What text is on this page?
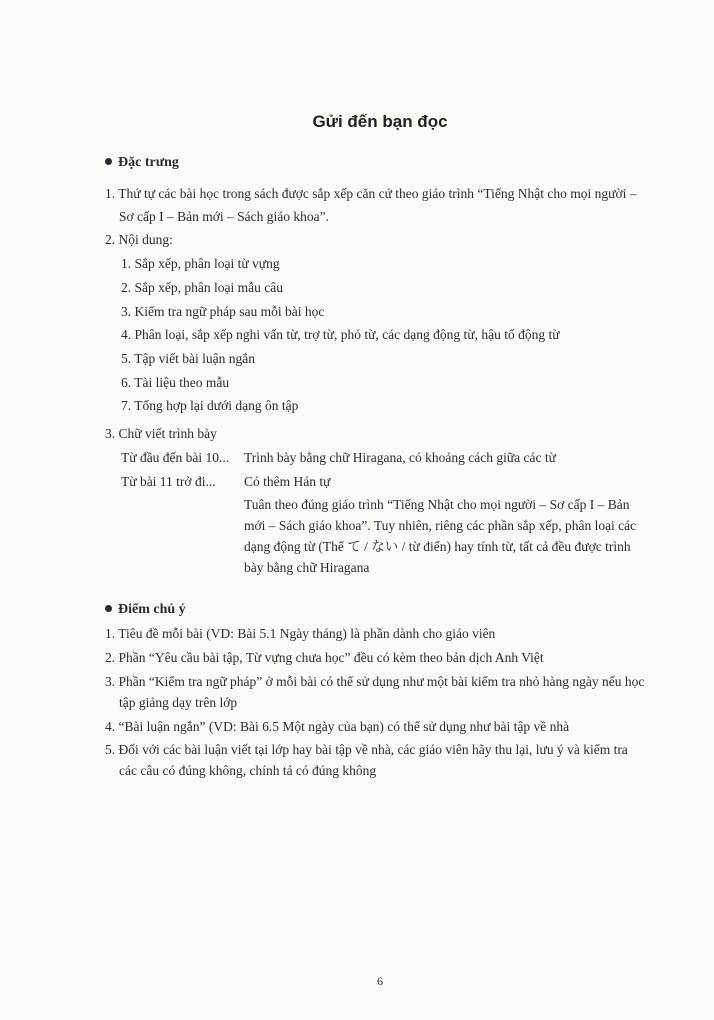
Gửi đến bạn đọc
Đặc trưng
1. Thứ tự các bài học trong sách được sắp xếp căn cứ theo giáo trình “Tiếng Nhật cho mọi người –
Sơ cấp I – Bản mới – Sách giáo khoa”.
2. Nội dung:
1. Sắp xếp, phân loại từ vựng
2. Sắp xếp, phân loại mẫu câu
3. Kiểm tra ngữ pháp sau mỗi bài học
4. Phân loại, sắp xếp nghi vấn từ, trợ từ, phó từ, các dạng động từ, hậu tố động từ
5. Tập viết bài luận ngắn
6. Tài liệu theo mẫu
7. Tổng hợp lại dưới dạng ôn tập
3. Chữ viết trình bày
Từ đầu đến bài 10... Trình bày bằng chữ Hiragana, có khoảng cách giữa các từ
Từ bài 11 trở đi... Có thêm Hán tự
Tuân theo đúng giáo trình “Tiếng Nhật cho mọi người – Sơ cấp I – Bản
mới – Sách giáo khoa”. Tuy nhiên, riêng các phần sắp xếp, phân loại các
dạng động từ (Thể て / ない / từ điển) hay tính từ, tất cả đều được trình
bày bằng chữ Hiragana
Điểm chú ý
1. Tiêu đề mỗi bài (VD: Bài 5.1 Ngày tháng) là phần dành cho giáo viên
2. Phần “Yêu cầu bài tập, Từ vựng chưa học” đều có kèm theo bản dịch Anh Việt
3. Phần “Kiểm tra ngữ pháp” ở mỗi bài có thể sử dụng như một bài kiểm tra nhỏ hàng ngày nếu học
tập giảng dạy trên lớp
4. “Bài luận ngắn” (VD: Bài 6.5 Một ngày của bạn) có thể sử dụng như bài tập về nhà
5. Đối với các bài luận viết tại lớp hay bài tập về nhà, các giáo viên hãy thu lại, lưu ý và kiểm tra
các câu có đúng không, chính tả có đúng không
6
